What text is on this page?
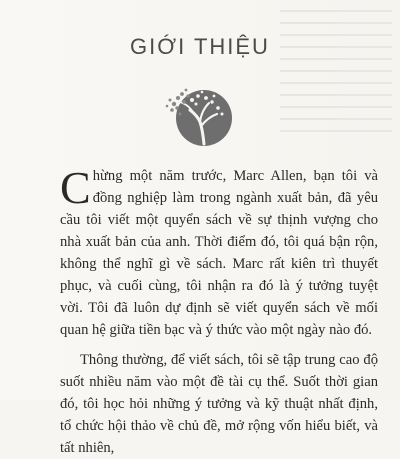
GIỚI THIỆU

Chừng một năm trước, Marc Allen, bạn tôi và đồng nghiệp làm trong ngành xuất bản, đã yêu cầu tôi viết một quyển sách về sự thịnh vượng cho nhà xuất bản của anh. Thời điểm đó, tôi quá bận rộn, không thể nghĩ gì về sách. Marc rất kiên trì thuyết phục, và cuối cùng, tôi nhận ra đó là ý tưởng tuyệt vời. Tôi đã luôn dự định sẽ viết quyển sách về mối quan hệ giữa tiền bạc và ý thức vào một ngày nào đó.

Thông thường, để viết sách, tôi sẽ tập trung cao độ suốt nhiều năm vào một đề tài cụ thể. Suốt thời gian đó, tôi học hỏi những ý tưởng và kỹ thuật nhất định, tổ chức hội thảo về chủ đề, mở rộng vốn hiểu biết, và tất nhiên,
